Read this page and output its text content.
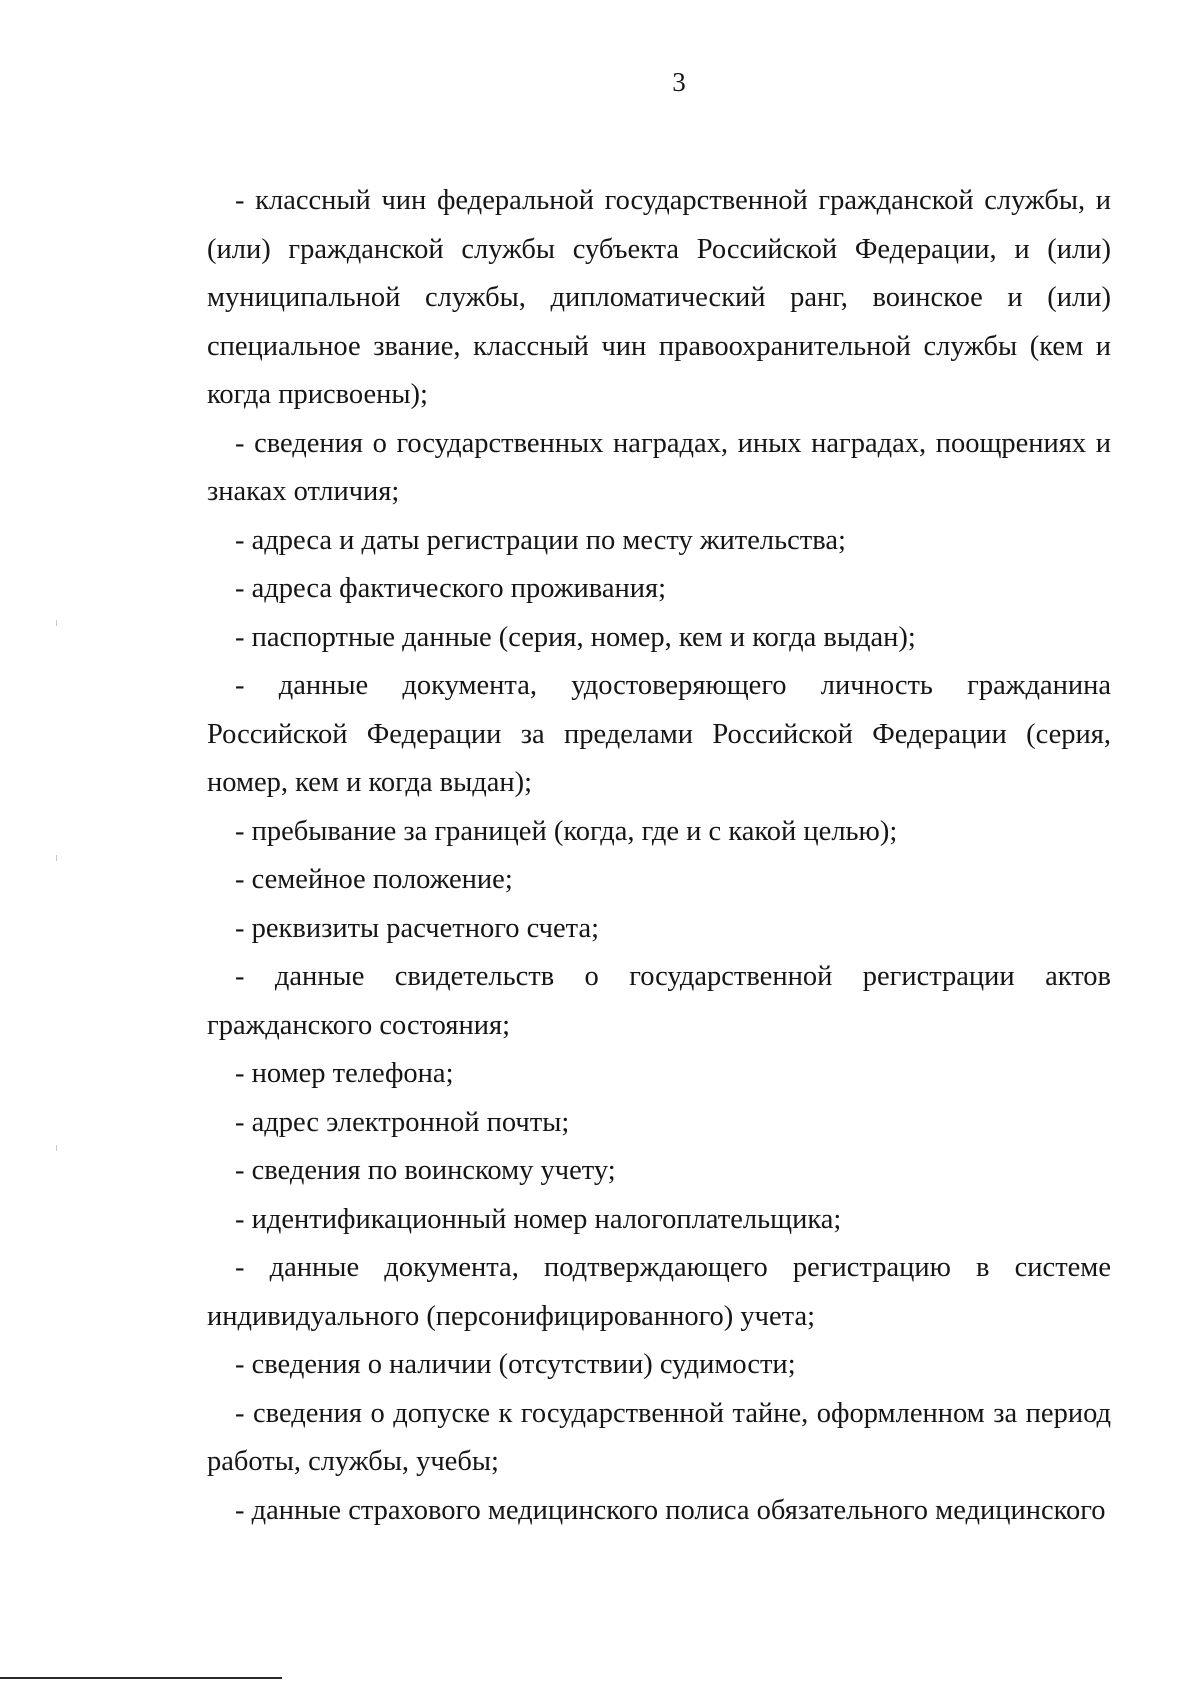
3

- классный чин федеральной государственной гражданской службы, и (или) гражданской службы субъекта Российской Федерации, и (или) муниципальной службы, дипломатический ранг, воинское и (или) специальное звание, классный чин правоохранительной службы (кем и когда присвоены);

- сведения о государственных наградах, иных наградах, поощрениях и знаках отличия;

- адреса и даты регистрации по месту жительства;

- адреса фактического проживания;

- паспортные данные (серия, номер, кем и когда выдан);

- данные документа, удостоверяющего личность гражданина Российской Федерации за пределами Российской Федерации (серия, номер, кем и когда выдан);

- пребывание за границей (когда, где и с какой целью);

- семейное положение;

- реквизиты расчетного счета;

- данные свидетельств о государственной регистрации актов гражданского состояния;

- номер телефона;

- адрес электронной почты;

- сведения по воинскому учету;

- идентификационный номер налогоплательщика;

- данные документа, подтверждающего регистрацию в системе индивидуального (персонифицированного) учета;

- сведения о наличии (отсутствии) судимости;

- сведения о допуске к государственной тайне, оформленном за период работы, службы, учебы;

- данные страхового медицинского полиса обязательного медицинского
